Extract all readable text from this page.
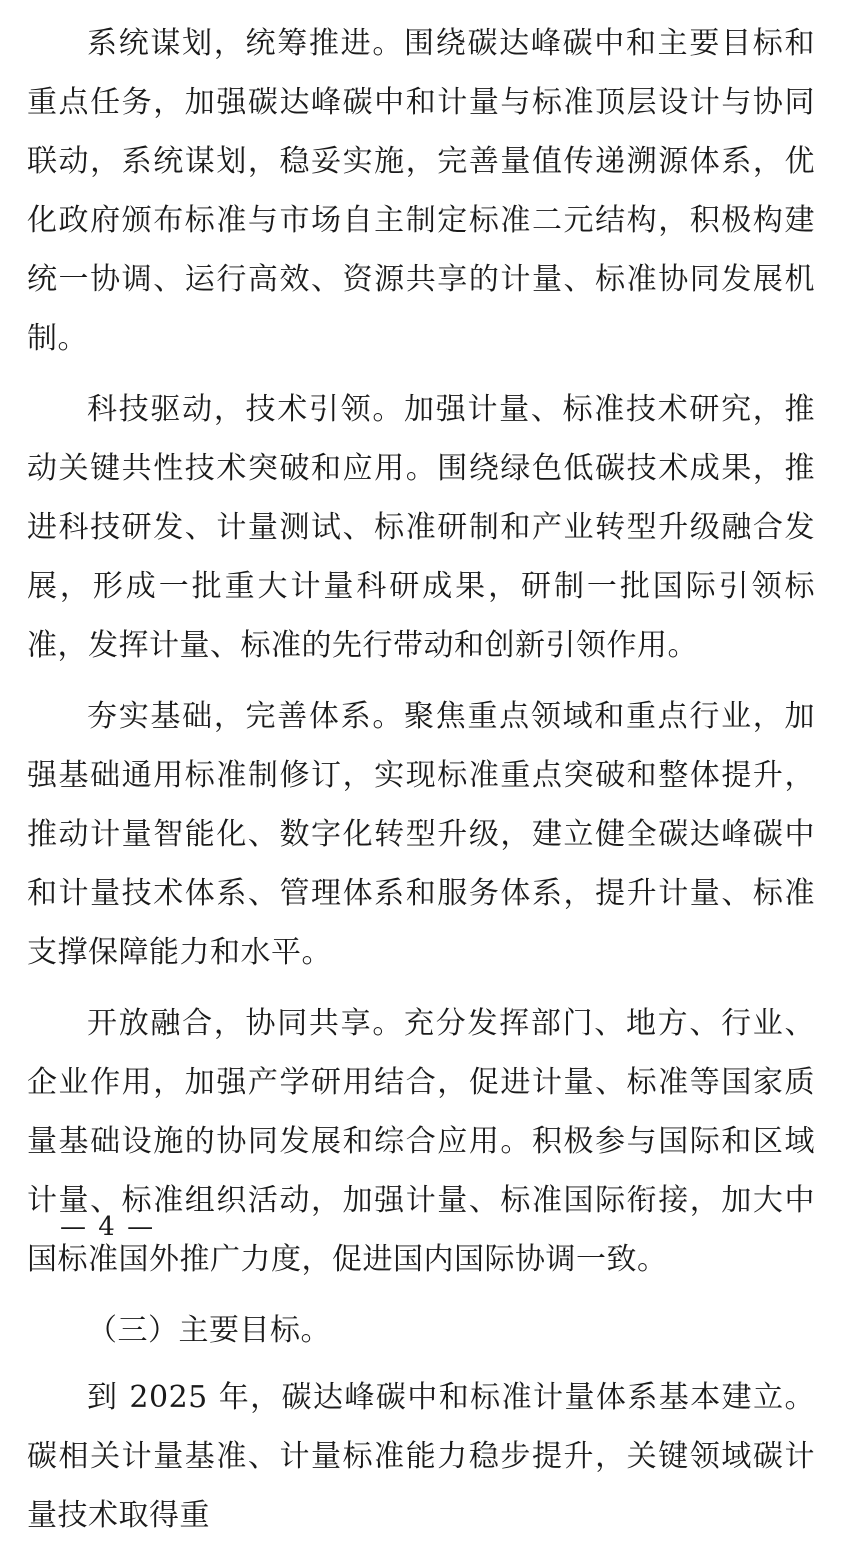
系统谋划，统筹推进。围绕碳达峰碳中和主要目标和重点任务，加强碳达峰碳中和计量与标准顶层设计与协同联动，系统谋划，稳妥实施，完善量值传递溯源体系，优化政府颁布标准与市场自主制定标准二元结构，积极构建统一协调、运行高效、资源共享的计量、标准协同发展机制。

科技驱动，技术引领。加强计量、标准技术研究，推动关键共性技术突破和应用。围绕绿色低碳技术成果，推进科技研发、计量测试、标准研制和产业转型升级融合发展，形成一批重大计量科研成果，研制一批国际引领标准，发挥计量、标准的先行带动和创新引领作用。

夯实基础，完善体系。聚焦重点领域和重点行业，加强基础通用标准制修订，实现标准重点突破和整体提升，推动计量智能化、数字化转型升级，建立健全碳达峰碳中和计量技术体系、管理体系和服务体系，提升计量、标准支撑保障能力和水平。

开放融合，协同共享。充分发挥部门、地方、行业、企业作用，加强产学研用结合，促进计量、标准等国家质量基础设施的协同发展和综合应用。积极参与国际和区域计量、标准组织活动，加强计量、标准国际衔接，加大中国标准国外推广力度，促进国内国际协调一致。

（三）主要目标。

到 2025 年，碳达峰碳中和标准计量体系基本建立。碳相关计量基准、计量标准能力稳步提升，关键领域碳计量技术取得重

— 4 —
